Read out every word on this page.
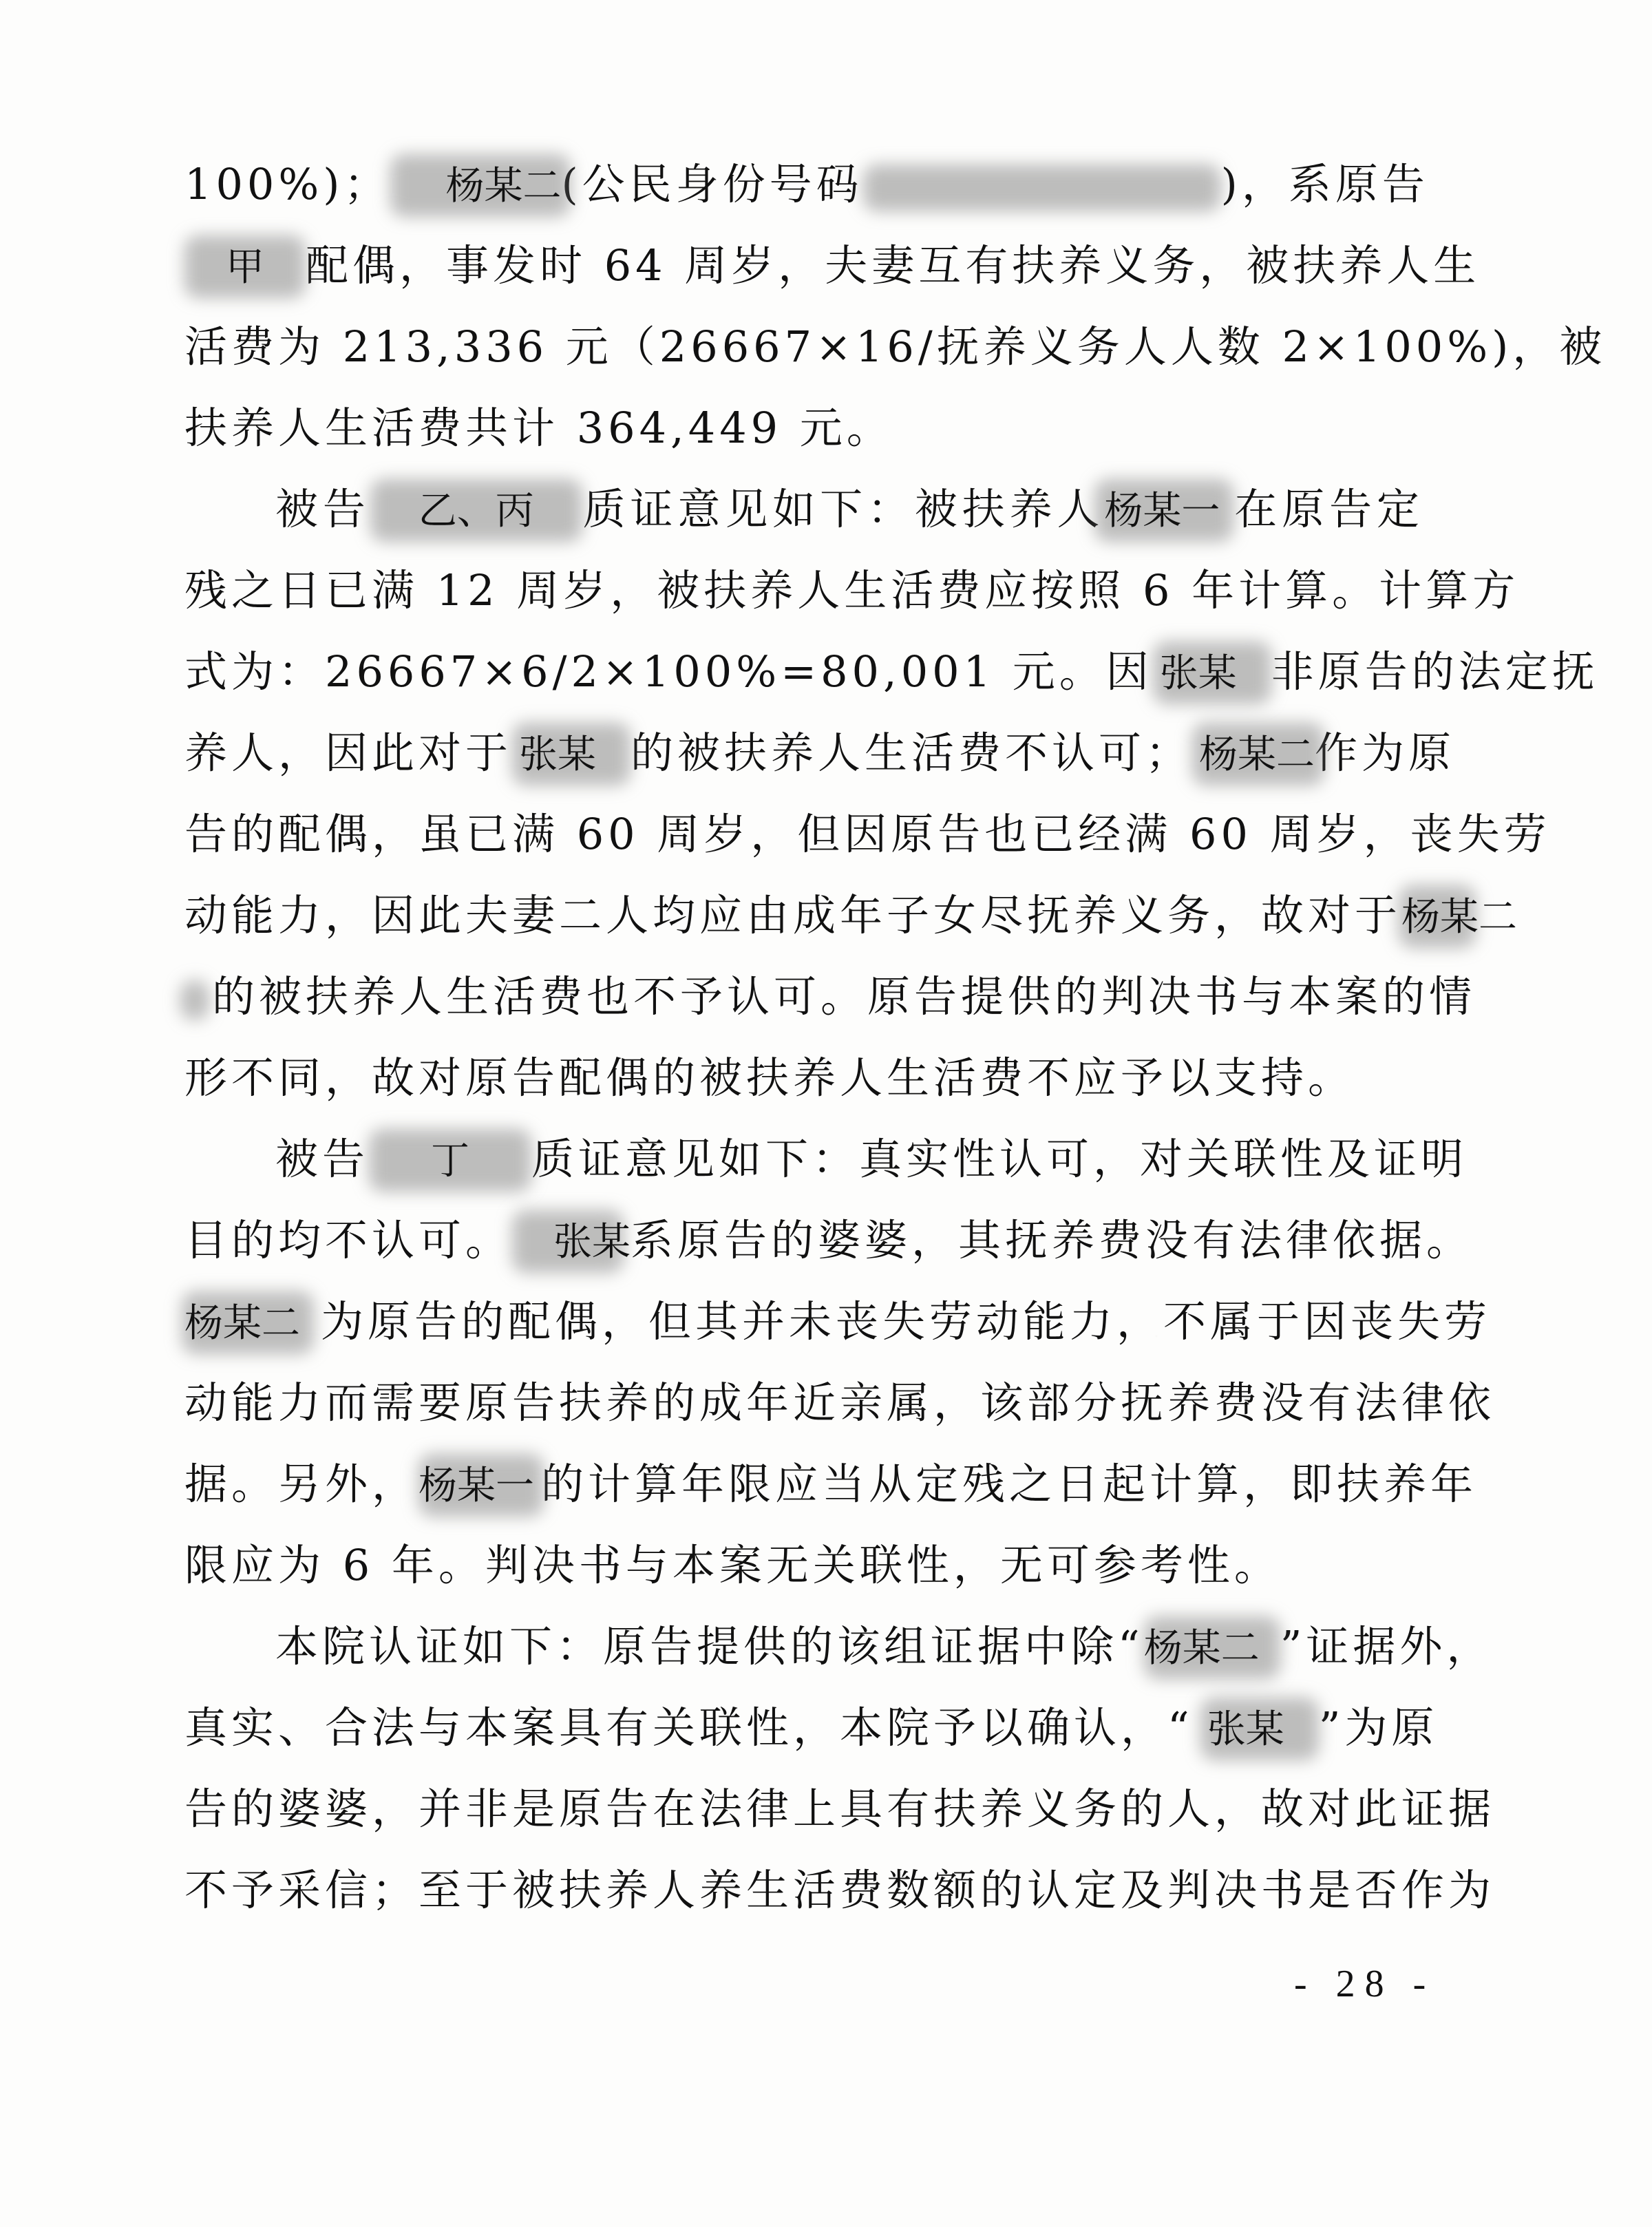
100%)； 杨某二(公民身份号码	)，系原告
甲 配偶，事发时 64 周岁，夫妻互有扶养义务，被扶养人生
活费为 213,336 元（26667×16/抚养义务人人数 2×100%)，被
扶养人生活费共计 364,449 元。
被告 乙、丙 质证意见如下：被扶养人
杨某一 在原告定
残之日已满 12 周岁，被扶养人生活费应按照 6 年计算。计算方
式为：26667×6/2×100%=80,001 元。因 张某 非原告的法定抚
养人，因此对于 张某 的被扶养人生活费不认可； 杨某二作为原
告的配偶，虽已满 60 周岁，但因原告也已经满 60 周岁，丧失劳
动能力，因此夫妻二人均应由成年子女尽抚养义务，故对于
杨某二
的被扶养人生活费也不予认可。原告提供的判决书与本案的情
形不同，故对原告配偶的被扶养人生活费不应予以支持。
被告 丁 质证意见如下：真实性认可，对关联性及证明
目的均不认可。 张某系原告的婆婆，其抚养费没有法律依据。
杨某二 为原告的配偶，但其并未丧失劳动能力，不属于因丧失劳
动能力而需要原告扶养的成年近亲属，该部分抚养费没有法律依
据。另外，
杨某一 的计算年限应当从定残之日起计算，即扶养年
限应为 6 年。判决书与本案无关联性，无可参考性。
本院认证如下：原告提供的该组证据中除“
杨某二 ”证据外，
真实、合法与本案具有关联性，本院予以确认，“ 张某 ”为原
告的婆婆，并非是原告在法律上具有扶养义务的人，故对此证据
不予采信；至于被扶养人养生活费数额的认定及判决书是否作为
- 28 -
